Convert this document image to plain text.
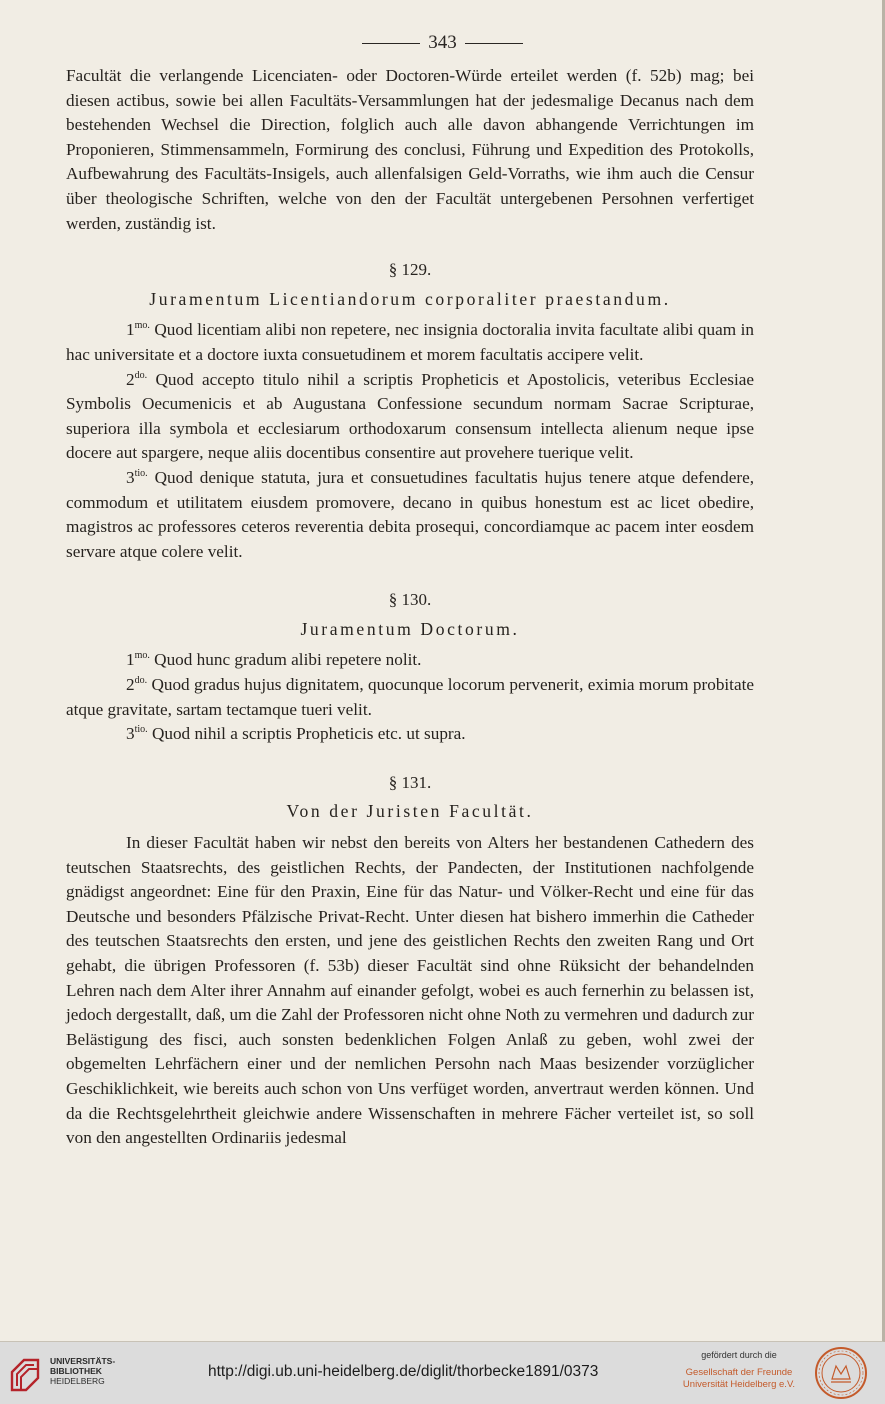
343

Facultät die verlangende Licenciaten- oder Doctoren-Würde erteilet werden (f. 52b) mag; bei diesen actibus, sowie bei allen Facultäts-Versammlungen hat der jedesmalige Decanus nach dem bestehenden Wechsel die Direction, folglich auch alle davon abhangende Verrichtungen im Proponieren, Stimmensammeln, Formirung des conclusi, Führung und Expedition des Protokolls, Aufbewahrung des Facultäts-Insigels, auch allenfalsigen Geld-Vorraths, wie ihm auch die Censur über theologische Schriften, welche von den der Facultät untergebenen Persohnen verfertiget werden, zuständig ist.

§ 129.
Juramentum Licentiandorum corporaliter praestandum.

$1^{mo.}$ Quod licentiam alibi non repetere, nec insignia doctoralia invita facultate alibi quam in hac universitate et a doctore iuxta consuetudinem et morem facultatis accipere velit.

$2^{do.}$ Quod accepto titulo nihil a scriptis Propheticis et Apostolicis, veteribus Ecclesiae Symbolis Oecumenicis et ab Augustana Confessione secundum normam Sacrae Scripturae, superiora illa symbola et ecclesiarum orthodoxarum consensum intellecta alienum neque ipse docere aut spargere, neque aliis docentibus consentire aut provehere tuerique velit.

$3^{tio.}$ Quod denique statuta, jura et consuetudines facultatis hujus tenere atque defendere, commodum et utilitatem eiusdem promovere, decano in quibus honestum est ac licet obedire, magistros ac professores ceteros reverentia debita prosequi, concordiamque ac pacem inter eosdem servare atque colere velit.

§ 130.
Juramentum Doctorum.

$1^{mo.}$ Quod hunc gradum alibi repetere nolit.

$2^{do.}$ Quod gradus hujus dignitatem, quocunque locorum pervenerit, eximia morum probitate atque gravitate, sartam tectamque tueri velit.

$3^{tio.}$ Quod nihil a scriptis Propheticis etc. ut supra.

§ 131.
Von der Juristen Facultät.

In dieser Facultät haben wir nebst den bereits von Alters her bestandenen Cathedern des teutschen Staatsrechts, des geistlichen Rechts, der Pandecten, der Institutionen nachfolgende gnädigst angeordnet: Eine für den Praxin, Eine für das Natur- und Völker-Recht und eine für das Deutsche und besonders Pfälzische Privat-Recht. Unter diesen hat bishero immerhin die Catheder des teutschen Staatsrechts den ersten, und jene des geistlichen Rechts den zweiten Rang und Ort gehabt, die übrigen Professoren (f. 53b) dieser Facultät sind ohne Rüksicht der behandelnden Lehren nach dem Alter ihrer Annahm auf einander gefolgt, wobei es auch fernerhin zu belassen ist, jedoch dergestallt, daß, um die Zahl der Professoren nicht ohne Noth zu vermehren und dadurch zur Belästigung des fisci, auch sonsten bedenklichen Folgen Anlaß zu geben, wohl zwei der obgemelten Lehrfächern einer und der nemlichen Persohn nach Maas besizender vorzüglicher Geschiklichkeit, wie bereits auch schon von Uns verfüget worden, anvertraut werden können. Und da die Rechtsgelehrtheit gleichwie andere Wissenschaften in mehrere Fächer verteilet ist, so soll von den angestellten Ordinariis jedesmal

UNIVERSITÄTS-
BIBLIOTHEK
HEIDELBERG
http://digi.ub.uni-heidelberg.de/diglit/thorbecke1891/0373
gefördert durch die
Gesellschaft der Freunde
Universität Heidelberg e.V.
